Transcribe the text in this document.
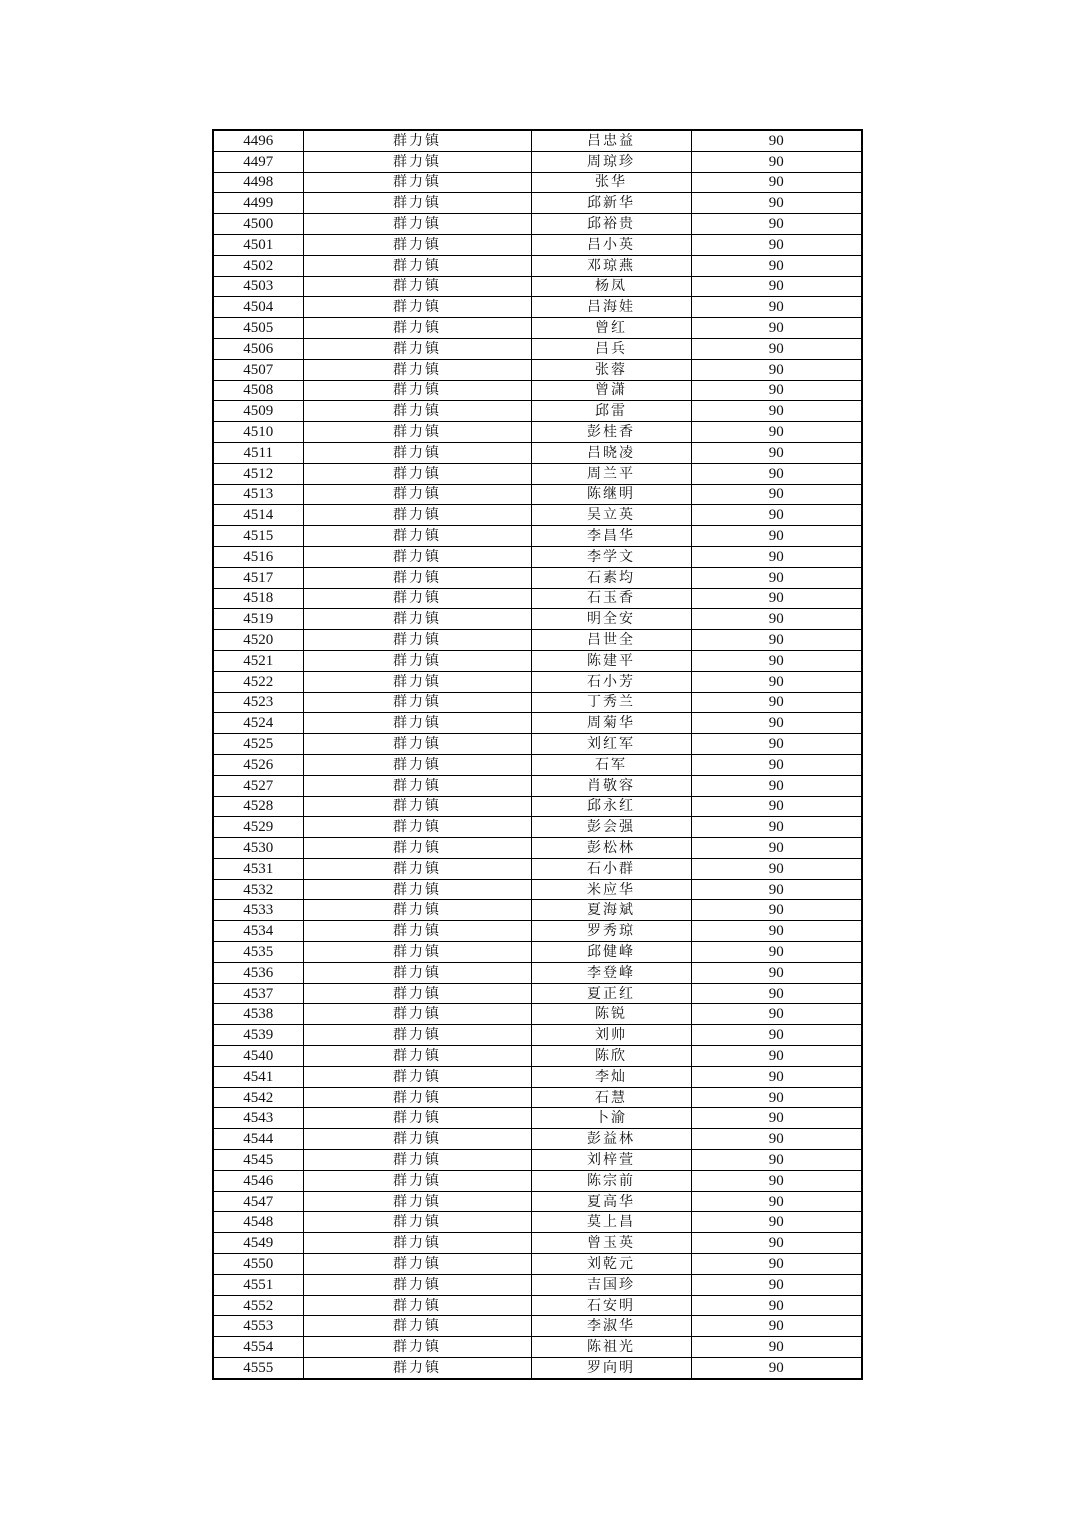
4496	群力镇	吕忠益	90
4497	群力镇	周琼珍	90
4498	群力镇	张华	90
4499	群力镇	邱新华	90
4500	群力镇	邱裕贵	90
4501	群力镇	吕小英	90
4502	群力镇	邓琼燕	90
4503	群力镇	杨凤	90
4504	群力镇	吕海娃	90
4505	群力镇	曾红	90
4506	群力镇	吕兵	90
4507	群力镇	张蓉	90
4508	群力镇	曾潇	90
4509	群力镇	邱雷	90
4510	群力镇	彭桂香	90
4511	群力镇	吕晓凌	90
4512	群力镇	周兰平	90
4513	群力镇	陈继明	90
4514	群力镇	吴立英	90
4515	群力镇	李昌华	90
4516	群力镇	李学文	90
4517	群力镇	石素均	90
4518	群力镇	石玉香	90
4519	群力镇	明全安	90
4520	群力镇	吕世全	90
4521	群力镇	陈建平	90
4522	群力镇	石小芳	90
4523	群力镇	丁秀兰	90
4524	群力镇	周菊华	90
4525	群力镇	刘红军	90
4526	群力镇	石军	90
4527	群力镇	肖敬容	90
4528	群力镇	邱永红	90
4529	群力镇	彭会强	90
4530	群力镇	彭松林	90
4531	群力镇	石小群	90
4532	群力镇	米应华	90
4533	群力镇	夏海斌	90
4534	群力镇	罗秀琼	90
4535	群力镇	邱健峰	90
4536	群力镇	李登峰	90
4537	群力镇	夏正红	90
4538	群力镇	陈锐	90
4539	群力镇	刘帅	90
4540	群力镇	陈欣	90
4541	群力镇	李灿	90
4542	群力镇	石慧	90
4543	群力镇	卜渝	90
4544	群力镇	彭益林	90
4545	群力镇	刘梓萱	90
4546	群力镇	陈宗前	90
4547	群力镇	夏高华	90
4548	群力镇	莫上昌	90
4549	群力镇	曾玉英	90
4550	群力镇	刘乾元	90
4551	群力镇	吉国珍	90
4552	群力镇	石安明	90
4553	群力镇	李淑华	90
4554	群力镇	陈祖光	90
4555	群力镇	罗向明	90
